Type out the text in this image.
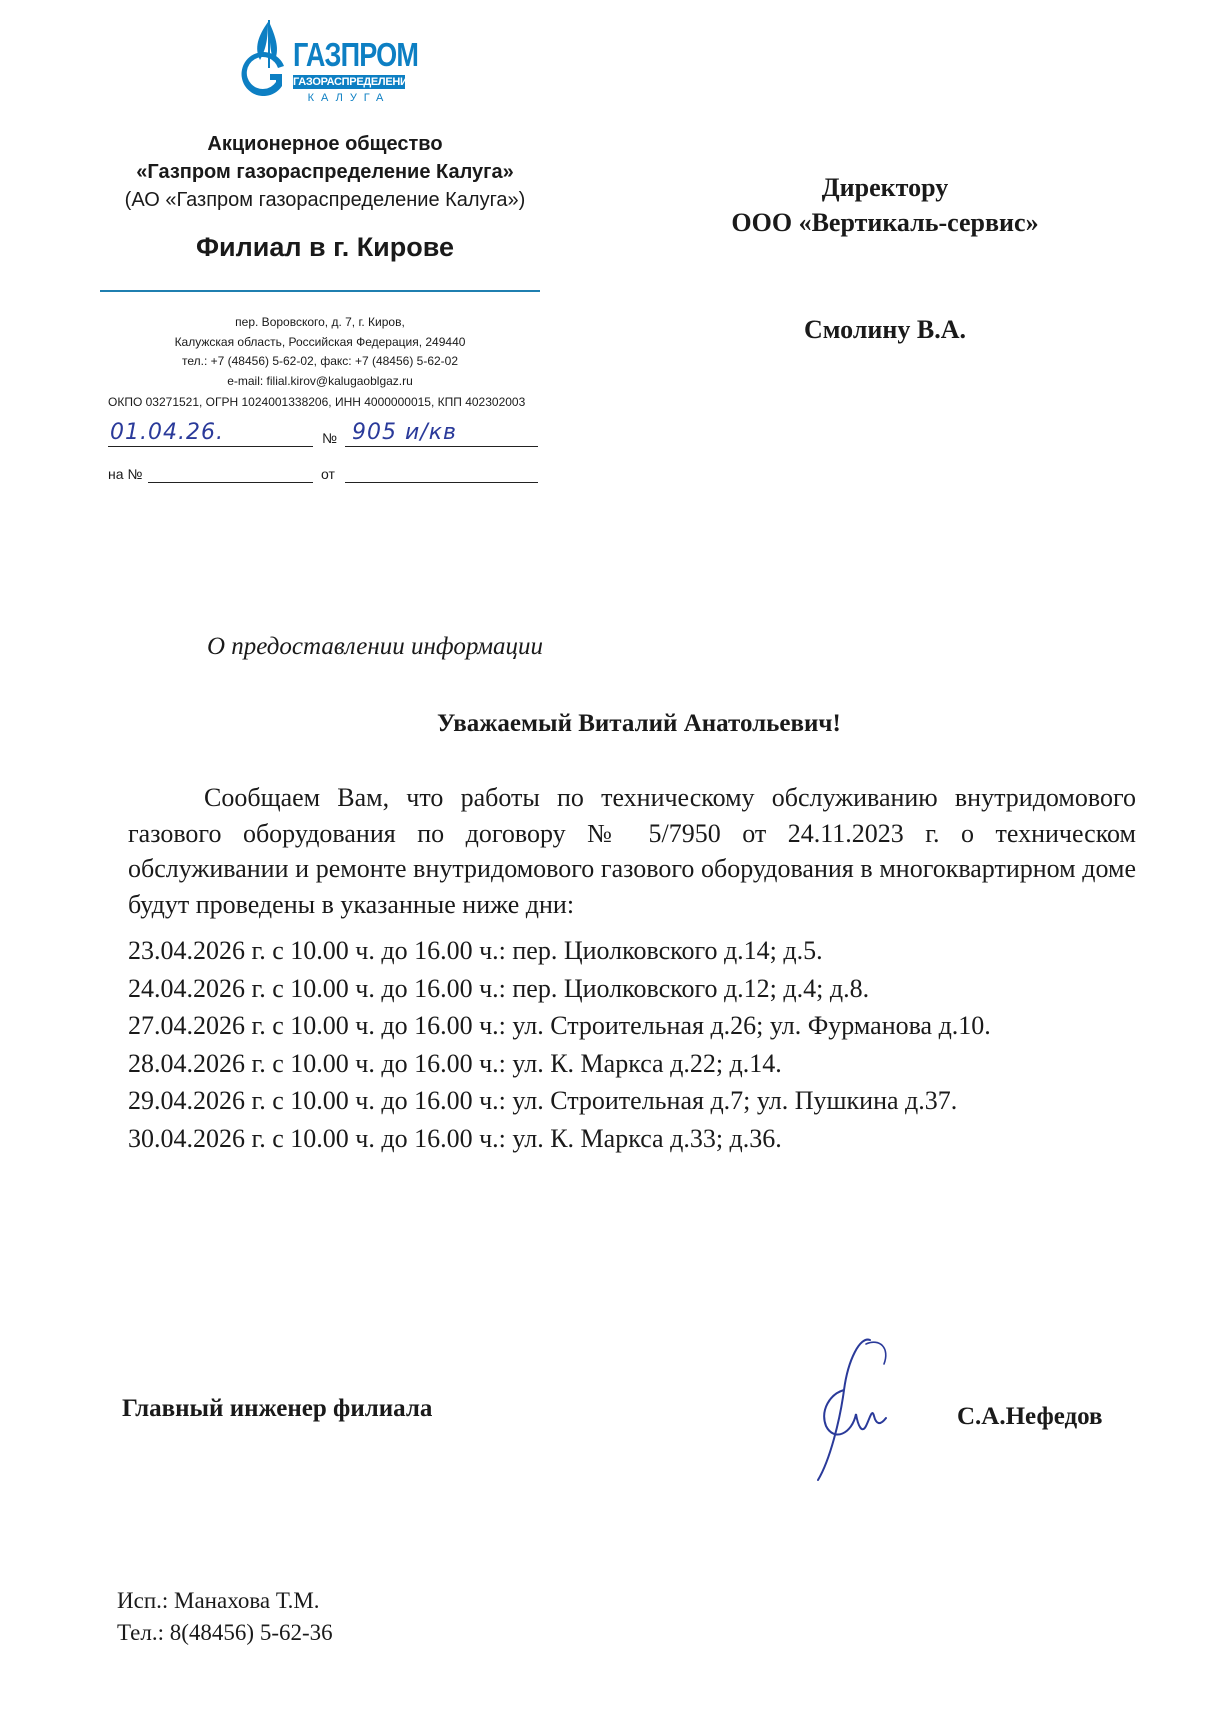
ГАЗПРОМ
ГАЗОРАСПРЕДЕЛЕНИЕ
КАЛУГА
Акционерное общество
«Газпром газораспределение Калуга»
(АО «Газпром газораспределение Калуга»)
Филиал в г. Кирове
пер. Воровского, д. 7, г. Киров,
Калужская область, Российская Федерация, 249440
тел.: +7 (48456) 5-62-02, факс: +7 (48456) 5-62-02
e-mail: filial.kirov@kalugaoblgaz.ru
ОКПО 03271521, ОГРН 1024001338206, ИНН 4000000015, КПП 402302003
01.04.26.	№ 905 и/кв
на №	от
Директору
ООО «Вертикаль-сервис»
Смолину В.А.
О предоставлении информации
Уважаемый Виталий Анатольевич!
Сообщаем Вам, что работы по техническому обслуживанию внутридомового газового оборудования по договору № 5/7950 от 24.11.2023 г. о техническом обслуживании и ремонте внутридомового газового оборудования в многоквартирном доме будут проведены в указанные ниже дни:
23.04.2026 г. с 10.00 ч. до 16.00 ч.: пер. Циолковского д.14; д.5.
24.04.2026 г. с 10.00 ч. до 16.00 ч.: пер. Циолковского д.12; д.4; д.8.
27.04.2026 г. с 10.00 ч. до 16.00 ч.: ул. Строительная д.26; ул. Фурманова д.10.
28.04.2026 г. с 10.00 ч. до 16.00 ч.: ул. К. Маркса д.22; д.14.
29.04.2026 г. с 10.00 ч. до 16.00 ч.: ул. Строительная д.7; ул. Пушкина д.37.
30.04.2026 г. с 10.00 ч. до 16.00 ч.: ул. К. Маркса д.33; д.36.
Главный инженер филиала	С.А.Нефедов
Исп.: Манахова Т.М.
Тел.: 8(48456) 5-62-36
